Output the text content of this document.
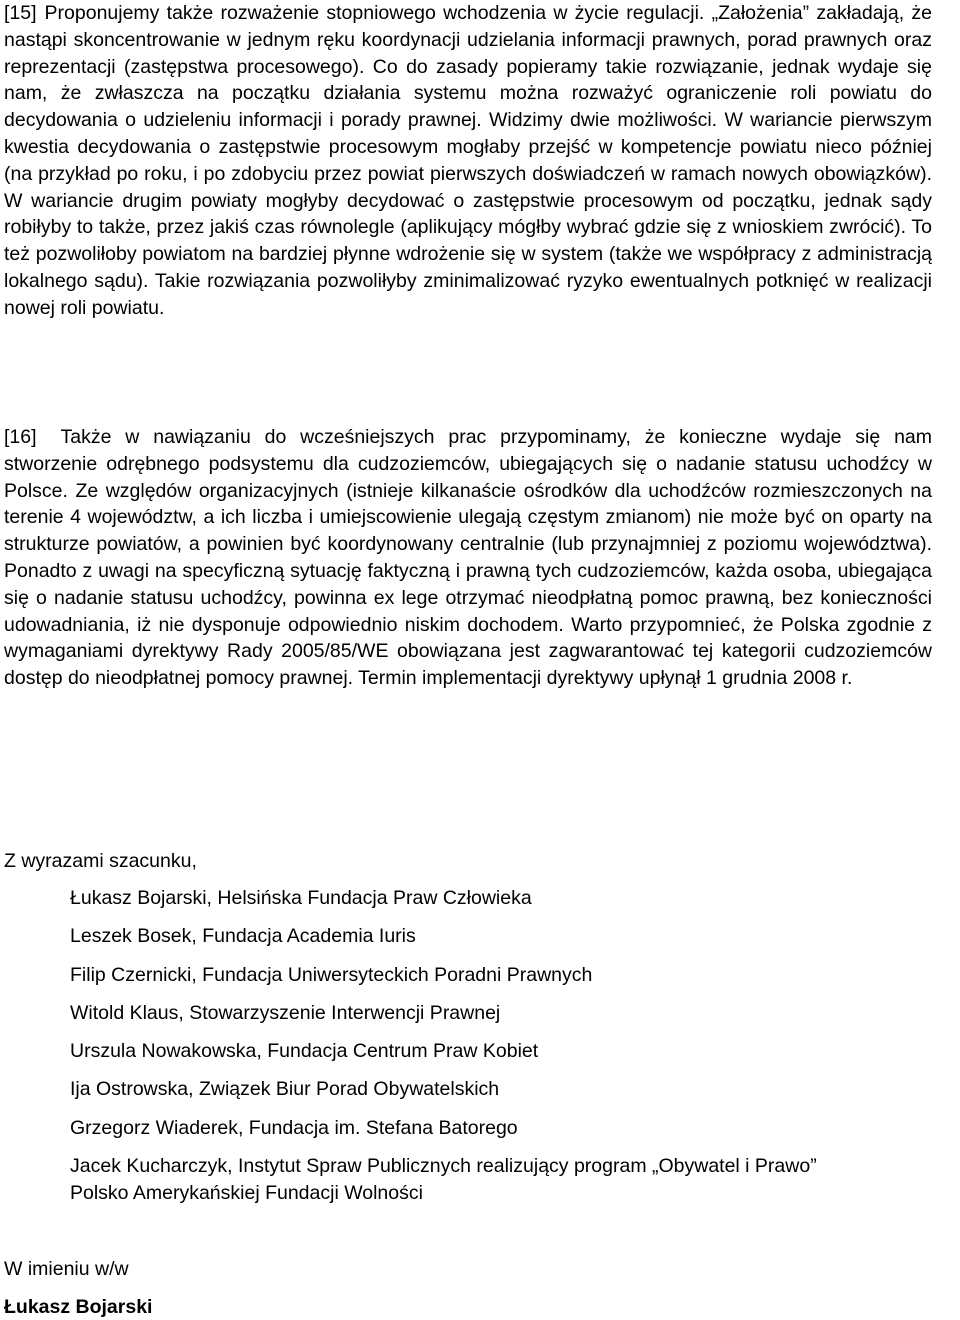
[15] Proponujemy także rozważenie stopniowego wchodzenia w życie regulacji. „Założenia” zakładają, że nastąpi skoncentrowanie w jednym ręku koordynacji udzielania informacji prawnych, porad prawnych oraz reprezentacji (zastępstwa procesowego). Co do zasady popieramy takie rozwiązanie, jednak wydaje się nam, że zwłaszcza na początku działania systemu można rozważyć ograniczenie roli powiatu do decydowania o udzieleniu informacji i porady prawnej. Widzimy dwie możliwości. W wariancie pierwszym kwestia decydowania o zastępstwie procesowym mogłaby przejść w kompetencje powiatu nieco później (na przykład po roku, i po zdobyciu przez powiat pierwszych doświadczeń w ramach nowych obowiązków). W wariancie drugim powiaty mogłyby decydować o zastępstwie procesowym od początku, jednak sądy robiłyby to także, przez jakiś czas równolegle (aplikujący mógłby wybrać gdzie się z wnioskiem zwrócić). To też pozwoliłoby powiatom na bardziej płynne wdrożenie się w system (także we współpracy z administracją lokalnego sądu). Takie rozwiązania pozwoliłyby zminimalizować ryzyko ewentualnych potknięć w realizacji nowej roli powiatu.

[16] Także w nawiązaniu do wcześniejszych prac przypominamy, że konieczne wydaje się nam stworzenie odrębnego podsystemu dla cudzoziemców, ubiegających się o nadanie statusu uchodźcy w Polsce. Ze względów organizacyjnych (istnieje kilkanaście ośrodków dla uchodźców rozmieszczonych na terenie 4 województw, a ich liczba i umiejscowienie ulegają częstym zmianom) nie może być on oparty na strukturze powiatów, a powinien być koordynowany centralnie (lub przynajmniej z poziomu województwa). Ponadto z uwagi na specyficzną sytuację faktyczną i prawną tych cudzoziemców, każda osoba, ubiegająca się o nadanie statusu uchodźcy, powinna ex lege otrzymać nieodpłatną pomoc prawną, bez konieczności udowadniania, iż nie dysponuje odpowiednio niskim dochodem. Warto przypomnieć, że Polska zgodnie z wymaganiami dyrektywy Rady 2005/85/WE obowiązana jest zagwarantować tej kategorii cudzoziemców dostęp do nieodpłatnej pomocy prawnej. Termin implementacji dyrektywy upłynął 1 grudnia 2008 r.

Z wyrazami szacunku,
Łukasz Bojarski, Helsińska Fundacja Praw Człowieka
Leszek Bosek, Fundacja Academia Iuris
Filip Czernicki, Fundacja Uniwersyteckich Poradni Prawnych
Witold Klaus, Stowarzyszenie Interwencji Prawnej
Urszula Nowakowska, Fundacja Centrum Praw Kobiet
Ija Ostrowska, Związek Biur Porad Obywatelskich
Grzegorz Wiaderek, Fundacja im. Stefana Batorego
Jacek Kucharczyk, Instytut Spraw Publicznych realizujący program „Obywatel i Prawo”
Polsko Amerykańskiej Fundacji Wolności
W imieniu w/w
Łukasz Bojarski
